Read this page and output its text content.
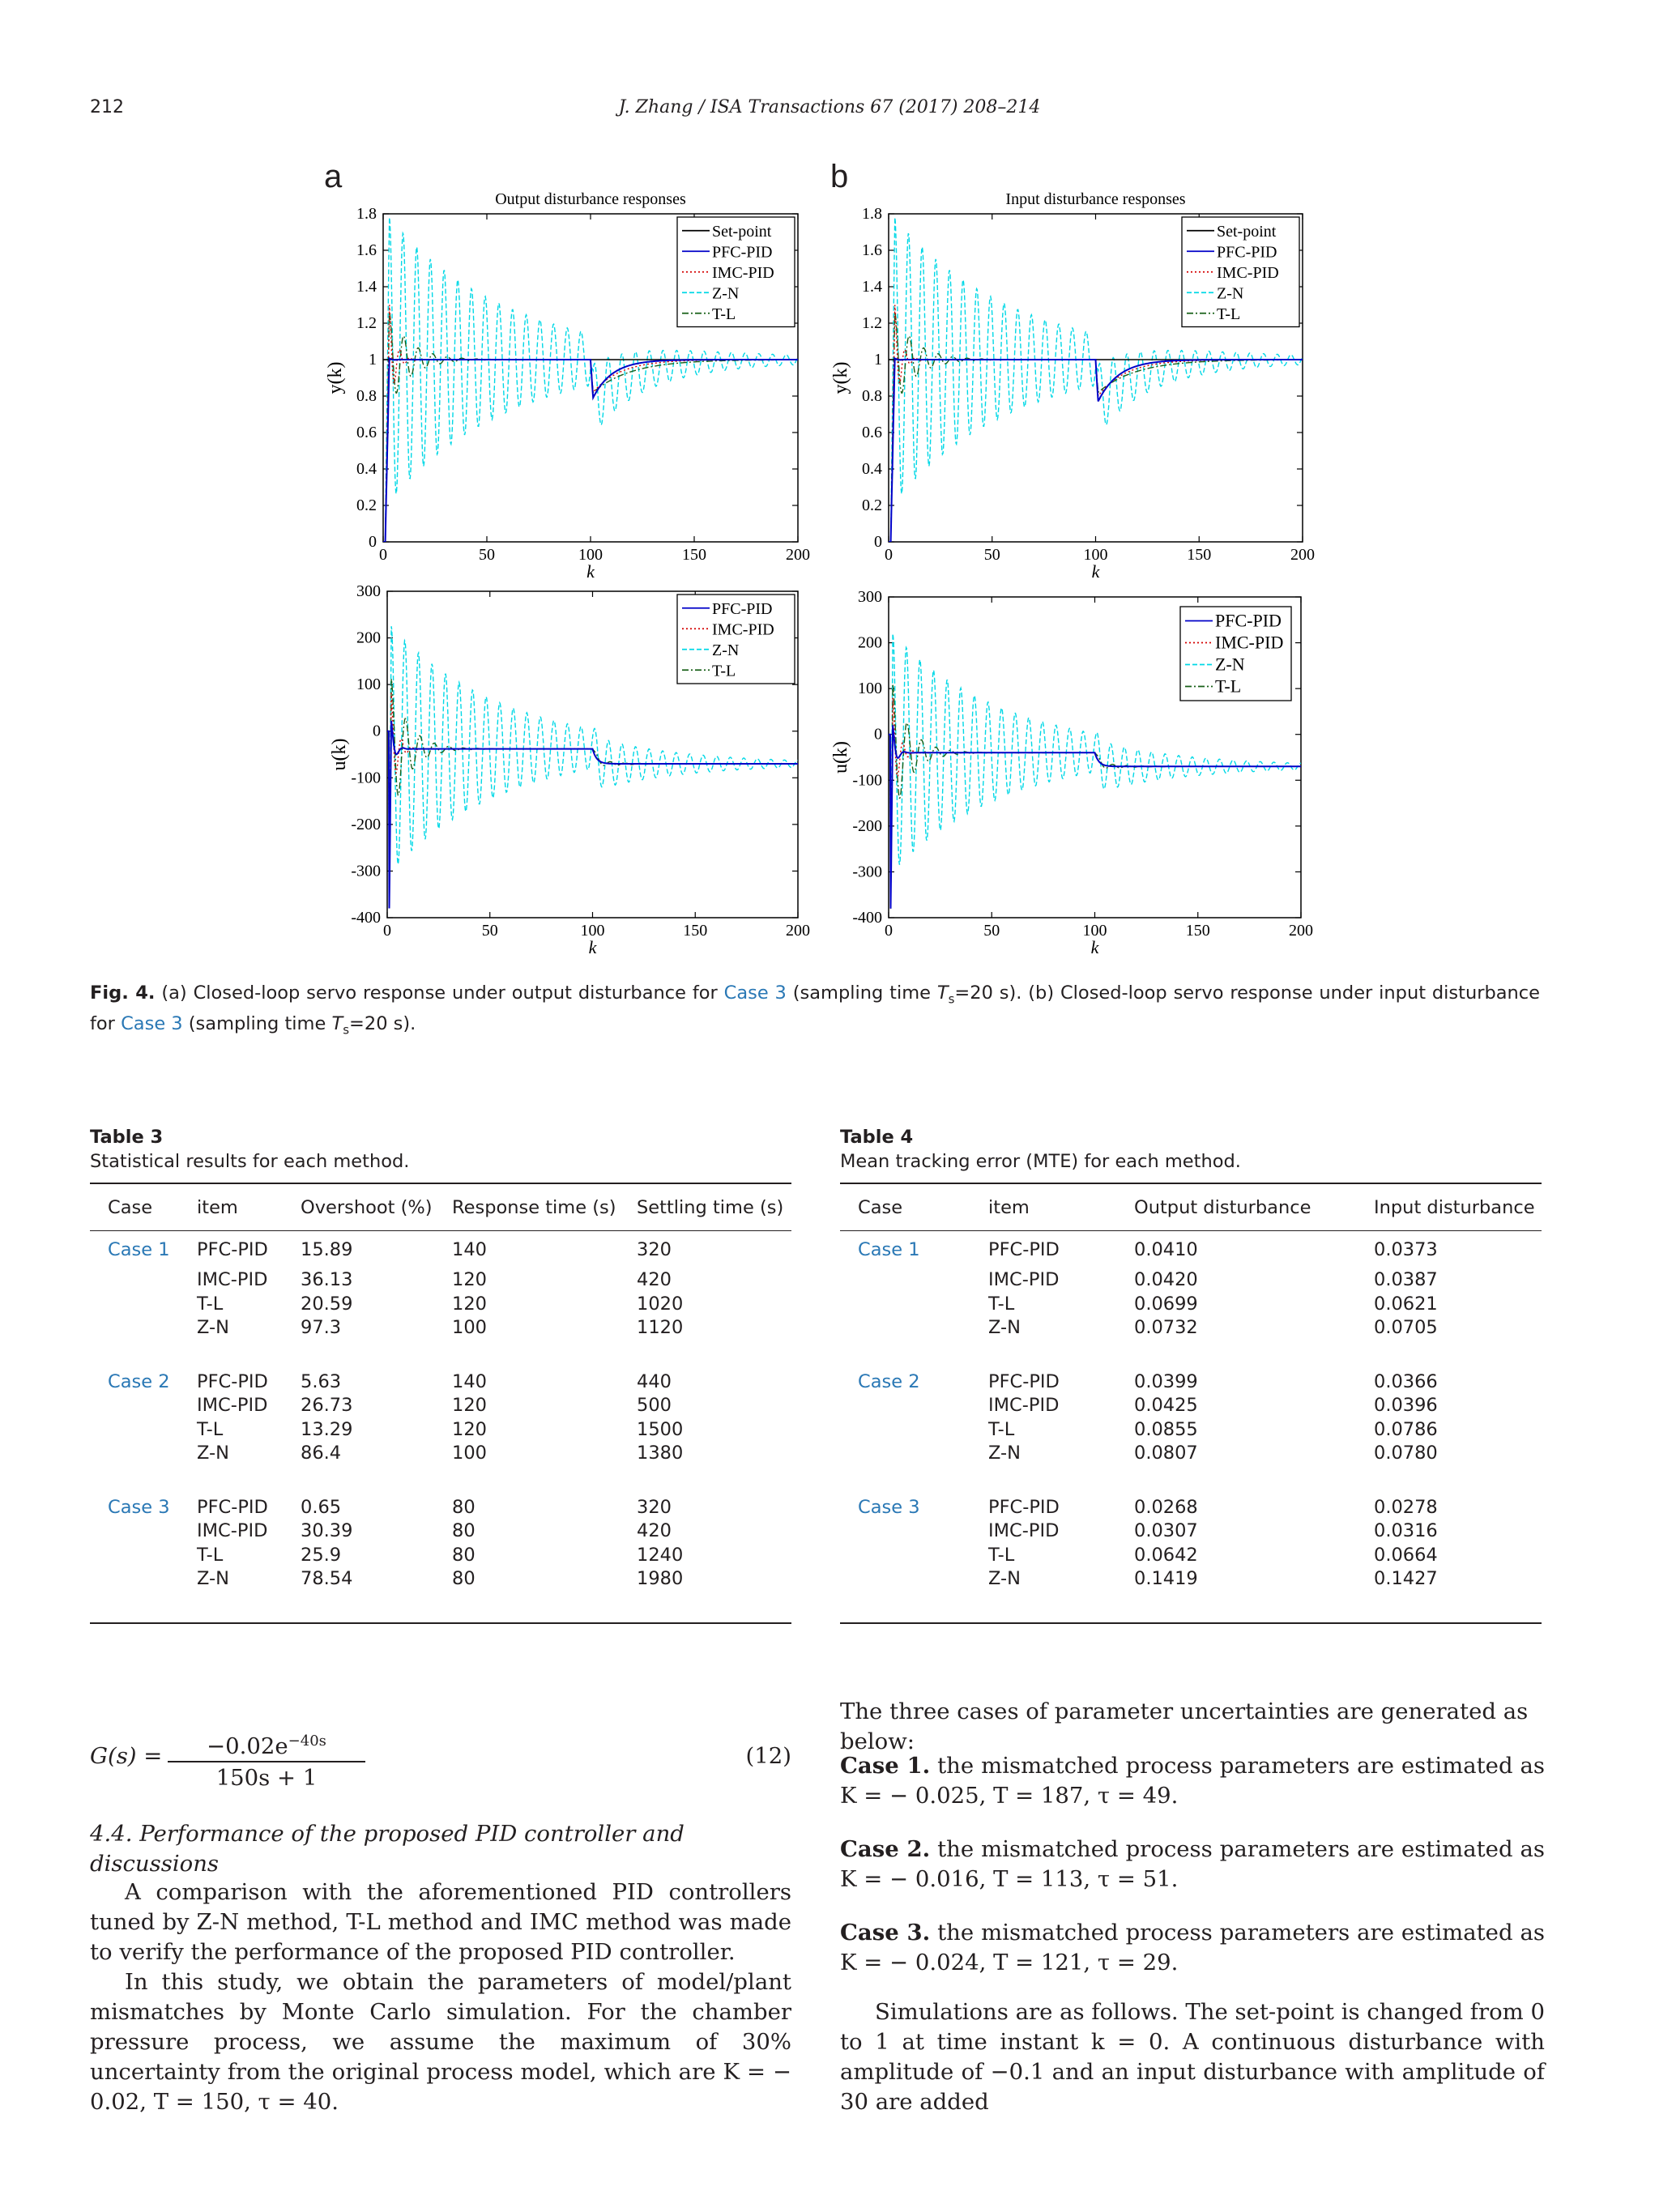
212	J. Zhang / ISA Transactions 67 (2017) 208–214
a	b
Output disturbance responses
0	50	100	150	200
0
0.2
0.4
0.6
0.8
1
1.2
1.4
1.6
1.8
k
y(k)
Set-point
PFC-PID
IMC-PID
Z-N
T-L
Input disturbance responses
0	50	100	150	200
0
0.2
0.4
0.6
0.8
1
1.2
1.4
1.6
1.8
k
y(k)
Set-point
PFC-PID
IMC-PID
Z-N
T-L
0	50	100	150	200
-400
-300
-200
-100
0
100
200
300
k
u(k)
PFC-PID
IMC-PID
Z-N
T-L
0	50	100	150	200
-400
-300
-200
-100
0
100
200
300
k
u(k)
PFC-PID
IMC-PID
Z-N
T-L
Fig. 4. (a) Closed-loop servo response under output disturbance for Case 3 (sampling time $T_s=20$ s). (b) Closed-loop servo response under input disturbance for Case 3 (sampling time $T_s=20$ s).
Table 3
Statistical results for each method.
	Case	item	Overshoot (%)	Response time (s)	Settling time (s)
	Case 1	PFC-PID	15.89	140	320
		IMC-PID	36.13	120	420
		T-L	20.59	120	1020
		Z-N	97.3	100	1120

	Case 2	PFC-PID	5.63	140	440
		IMC-PID	26.73	120	500
		T-L	13.29	120	1500
		Z-N	86.4	100	1380

	Case 3	PFC-PID	0.65	80	320
		IMC-PID	30.39	80	420
		T-L	25.9	80	1240
		Z-N	78.54	80	1980
Table 4
Mean tracking error (MTE) for each method.
	Case	item	Output disturbance	Input disturbance
	Case 1	PFC-PID	0.0410	0.0373
		IMC-PID	0.0420	0.0387
		T-L	0.0699	0.0621
		Z-N	0.0732	0.0705

	Case 2	PFC-PID	0.0399	0.0366
		IMC-PID	0.0425	0.0396
		T-L	0.0855	0.0786
		Z-N	0.0807	0.0780

	Case 3	PFC-PID	0.0268	0.0278
		IMC-PID	0.0307	0.0316
		T-L	0.0642	0.0664
		Z-N	0.1419	0.1427
$G(s) = \frac{-0.02e^{-40s}}{150s + 1}$	(12)
4.4. Performance of the proposed PID controller and discussions
A comparison with the aforementioned PID controllers tuned by Z-N method, T-L method and IMC method was made to verify the performance of the proposed PID controller.
In this study, we obtain the parameters of model/plant mismatches by Monte Carlo simulation. For the chamber pressure process, we assume the maximum of 30% uncertainty from the original process model, which are K = − 0.02, T = 150, τ = 40.
The three cases of parameter uncertainties are generated as below:
Case 1. the mismatched process parameters are estimated as K = − 0.025, T = 187, τ = 49.
Case 2. the mismatched process parameters are estimated as K = − 0.016, T = 113, τ = 51.
Case 3. the mismatched process parameters are estimated as K = − 0.024, T = 121, τ = 29.
Simulations are as follows. The set-point is changed from 0 to 1 at time instant k = 0. A continuous disturbance with amplitude of −0.1 and an input disturbance with amplitude of 30 are added
